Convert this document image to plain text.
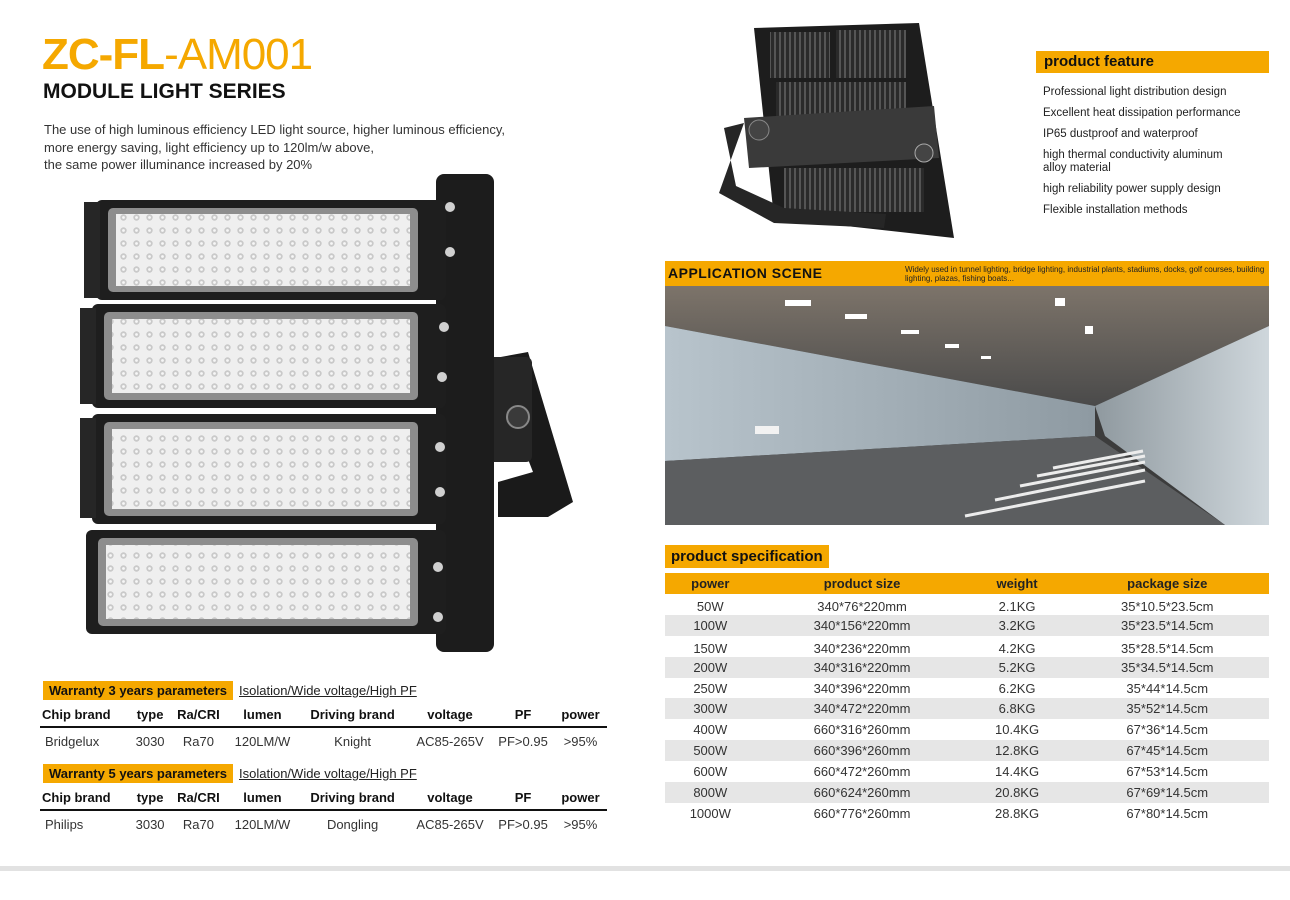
ZC-FL-AM001
MODULE LIGHT SERIES
The use of high luminous efficiency LED light source, higher luminous efficiency,
more energy saving, light efficiency up to 120lm/w above,
the same power illuminance increased by 20%
Warranty 3 years parameters Isolation/Wide voltage/High PF
Chip brand	type	Ra/CRI	lumen	Driving brand	voltage	PF	power
Bridgelux	3030	Ra70	120LM/W	Knight	AC85-265V	PF>0.95	>95%
Warranty 5 years parameters Isolation/Wide voltage/High PF
Chip brand	type	Ra/CRI	lumen	Driving brand	voltage	PF	power
Philips	3030	Ra70	120LM/W	Dongling	AC85-265V	PF>0.95	>95%
product feature
Professional light distribution design
Excellent heat dissipation performance
IP65 dustproof and waterproof
high thermal conductivity aluminum alloy material
high reliability power supply design
Flexible installation methods
APPLICATION SCENE	Widely used in tunnel lighting, bridge lighting, industrial plants, stadiums, docks, golf courses, building lighting, plazas, fishing boats...
product specification
power	product size	weight	package size
50W	340*76*220mm	2.1KG	35*10.5*23.5cm
100W	340*156*220mm	3.2KG	35*23.5*14.5cm
150W	340*236*220mm	4.2KG	35*28.5*14.5cm
200W	340*316*220mm	5.2KG	35*34.5*14.5cm
250W	340*396*220mm	6.2KG	35*44*14.5cm
300W	340*472*220mm	6.8KG	35*52*14.5cm
400W	660*316*260mm	10.4KG	67*36*14.5cm
500W	660*396*260mm	12.8KG	67*45*14.5cm
600W	660*472*260mm	14.4KG	67*53*14.5cm
800W	660*624*260mm	20.8KG	67*69*14.5cm
1000W	660*776*260mm	28.8KG	67*80*14.5cm
